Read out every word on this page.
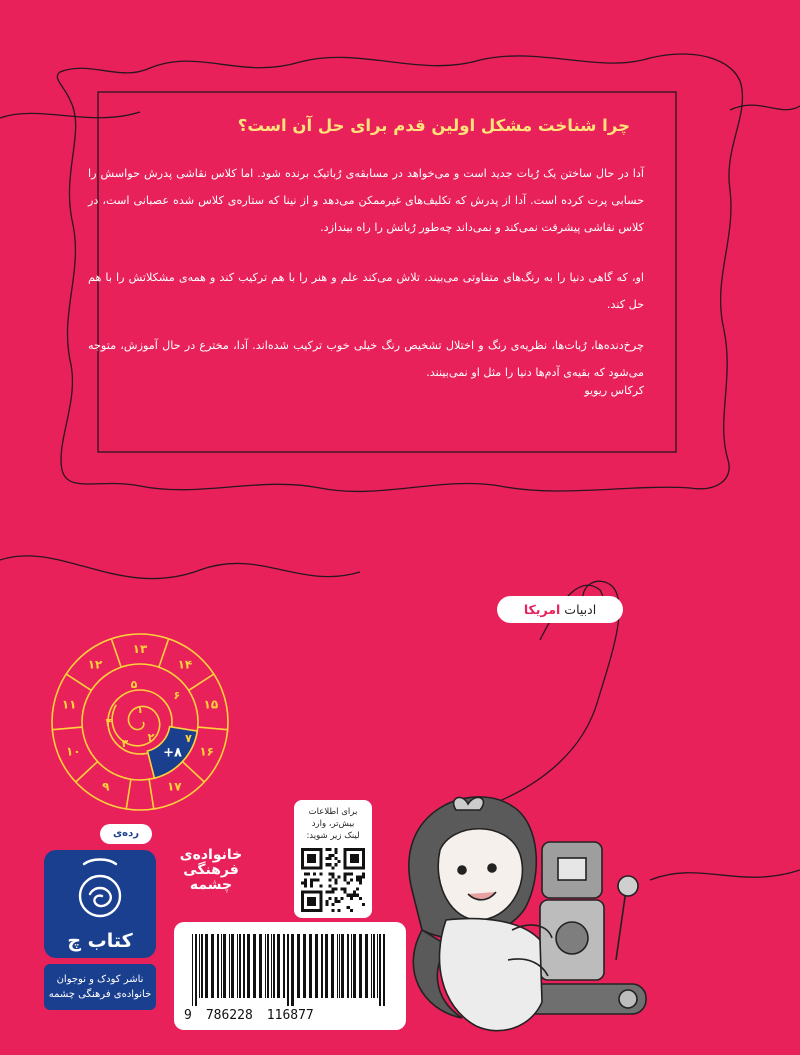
چرا شناخت مشکل اولین قدم برای حل آن است؟
آدا در حال ساختن یک رُبات جدید است و می‌خواهد در مسابقه‌ی رُباتیک برنده شود. اما کلاس نقاشی پدرش حواسش را حسابی پرت کرده است. آدا از پدرش که تکلیف‌های غیرممکن می‌دهد و از نینا که ستاره‌ی کلاس شده عصبانی است، در کلاس نقاشی پیشرفت نمی‌کند و نمی‌داند چه‌طور رُباتش را راه بیندازد.
او، که گاهی دنیا را به رنگ‌های متفاوتی می‌بیند، تلاش می‌کند علم و هنر را با هم ترکیب کند و همه‌ی مشکلاتش را با هم حل کند.
چرخ‌دنده‌ها، رُبات‌ها، نظریه‌ی رنگ و اختلال تشخیص رنگ خیلی خوب ترکیب شده‌اند. آدا، مخترع در حال آموزش، متوجه می‌شود که بقیه‌ی آدم‌ها دنیا را مثل او نمی‌بینند.
کرکاس ریویو
ادبیات
امریکا
+۸
۹
۱۰
۱۱
۱۲
۱۳
۱۴
۱۵
۱۶
۱۷
۱
۲
۳
۴
۵
۶
۷
رده‌ی
کتاب چ
ناشر کودک و نوجوان
خانواده‌ی فرهنگی چشمه
خانواده‌ی
فرهنگی
چشمه
برای اطلاعات
بیش‌تر، وارد
لینک زیر شوید:
9 786228 116877
